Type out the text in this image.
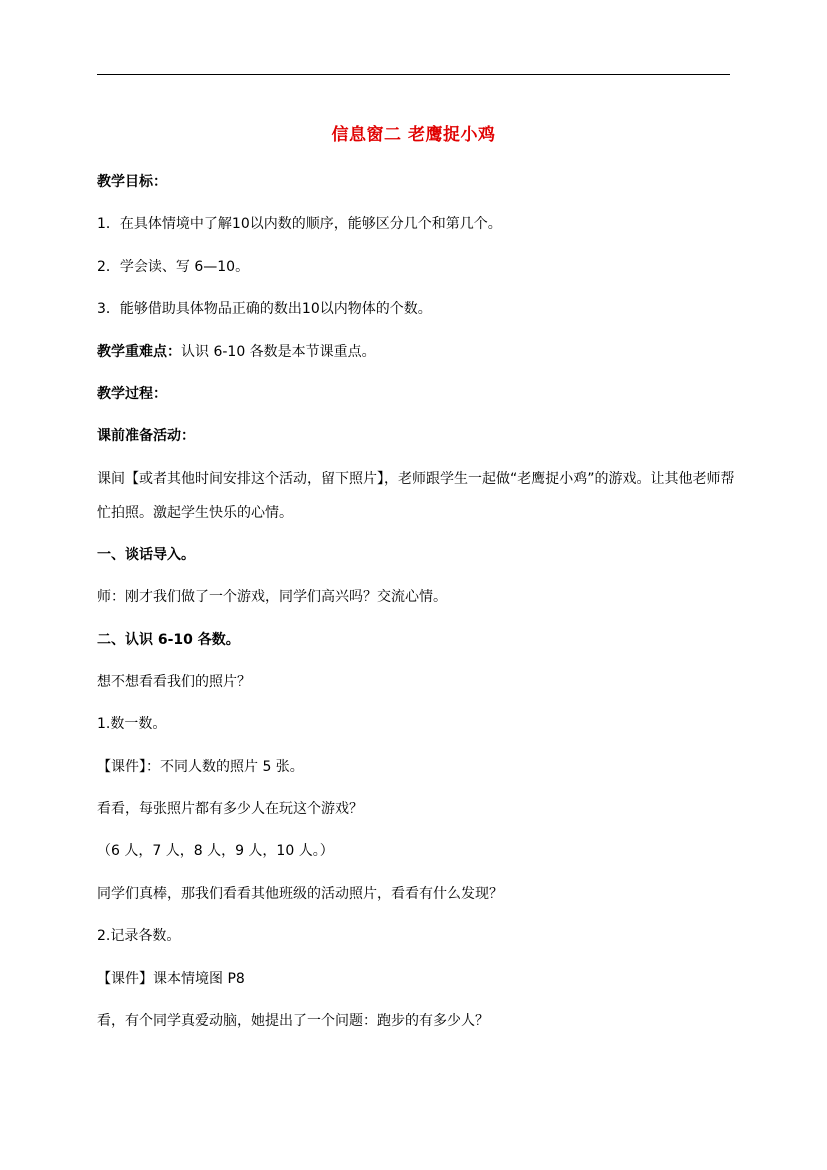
信息窗二 老鹰捉小鸡
教学目标：
1．在具体情境中了解10以内数的顺序，能够区分几个和第几个。
2．学会读、写 6—10。
3．能够借助具体物品正确的数出10以内物体的个数。
教学重难点：认识 6-10 各数是本节课重点。
教学过程：
课前准备活动：
课间【或者其他时间安排这个活动，留下照片】，老师跟学生一起做“老鹰捉小鸡”的游戏。让其他老师帮忙拍照。激起学生快乐的心情。
一、谈话导入。
师：刚才我们做了一个游戏，同学们高兴吗？交流心情。
二、认识 6-10 各数。
想不想看看我们的照片？
1.数一数。
【课件】：不同人数的照片 5 张。
看看，每张照片都有多少人在玩这个游戏？
（6 人，7 人，8 人，9 人，10 人。）
同学们真棒，那我们看看其他班级的活动照片，看看有什么发现？
2.记录各数。
【课件】课本情境图 P8
看，有个同学真爱动脑，她提出了一个问题：跑步的有多少人？
